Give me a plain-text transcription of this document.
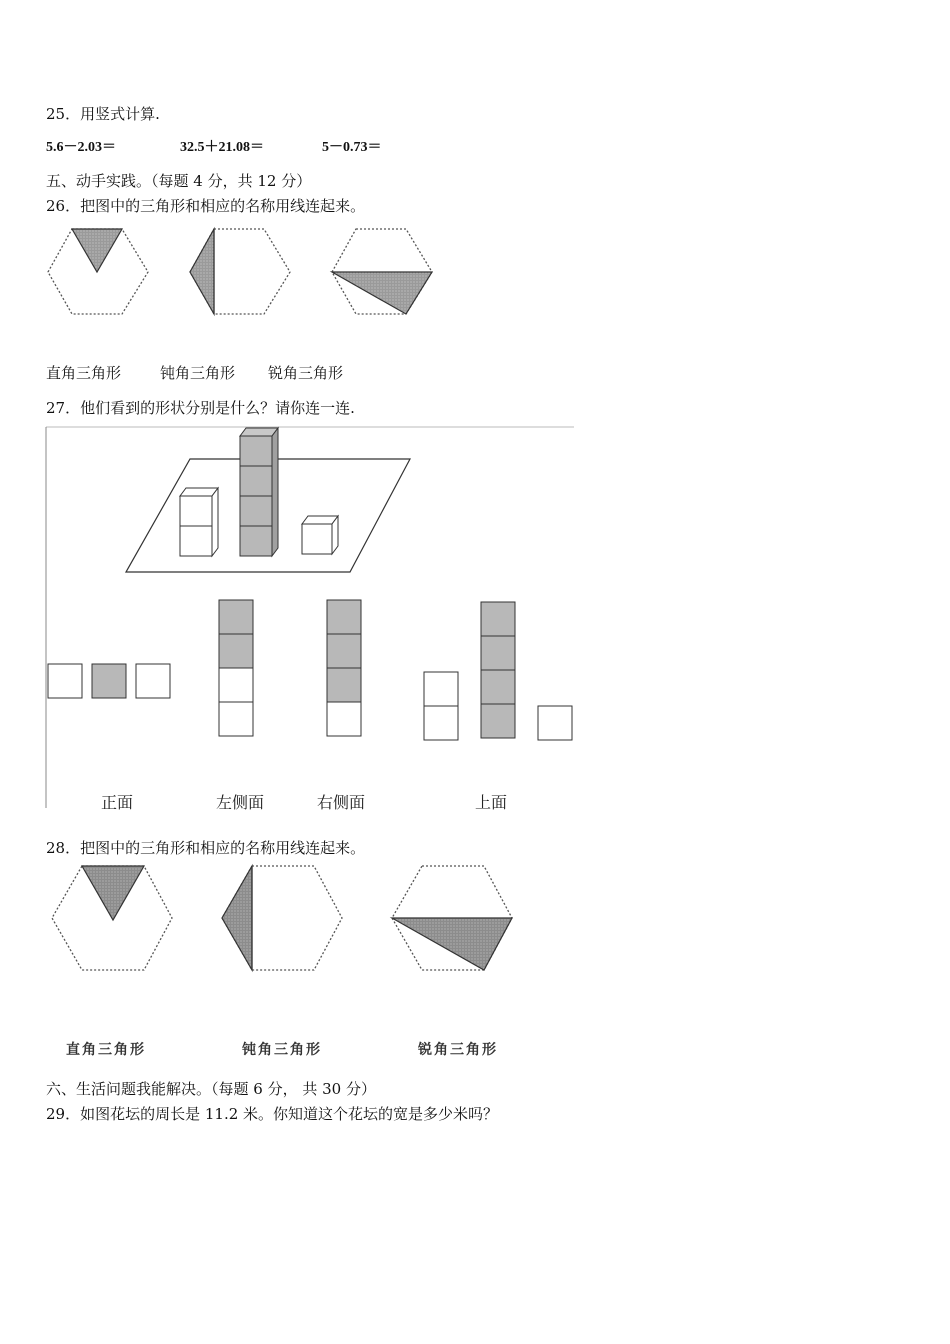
25．用竖式计算.
5.6－2.03＝	32.5＋21.08＝	5－0.73＝
五、动手实践。（每题 4 分，共 12 分）
26．把图中的三角形和相应的名称用线连起来。
直角三角形	钝角三角形 锐角三角形
27．他们看到的形状分别是什么？请你连一连.
正面	左侧面	右侧面	上面
28．把图中的三角形和相应的名称用线连起来。
直角三角形	钝角三角形	锐角三角形
六、生活问题我能解决。（每题 6 分， 共 30 分）
29．如图花坛的周长是 11.2 米。你知道这个花坛的宽是多少米吗？
